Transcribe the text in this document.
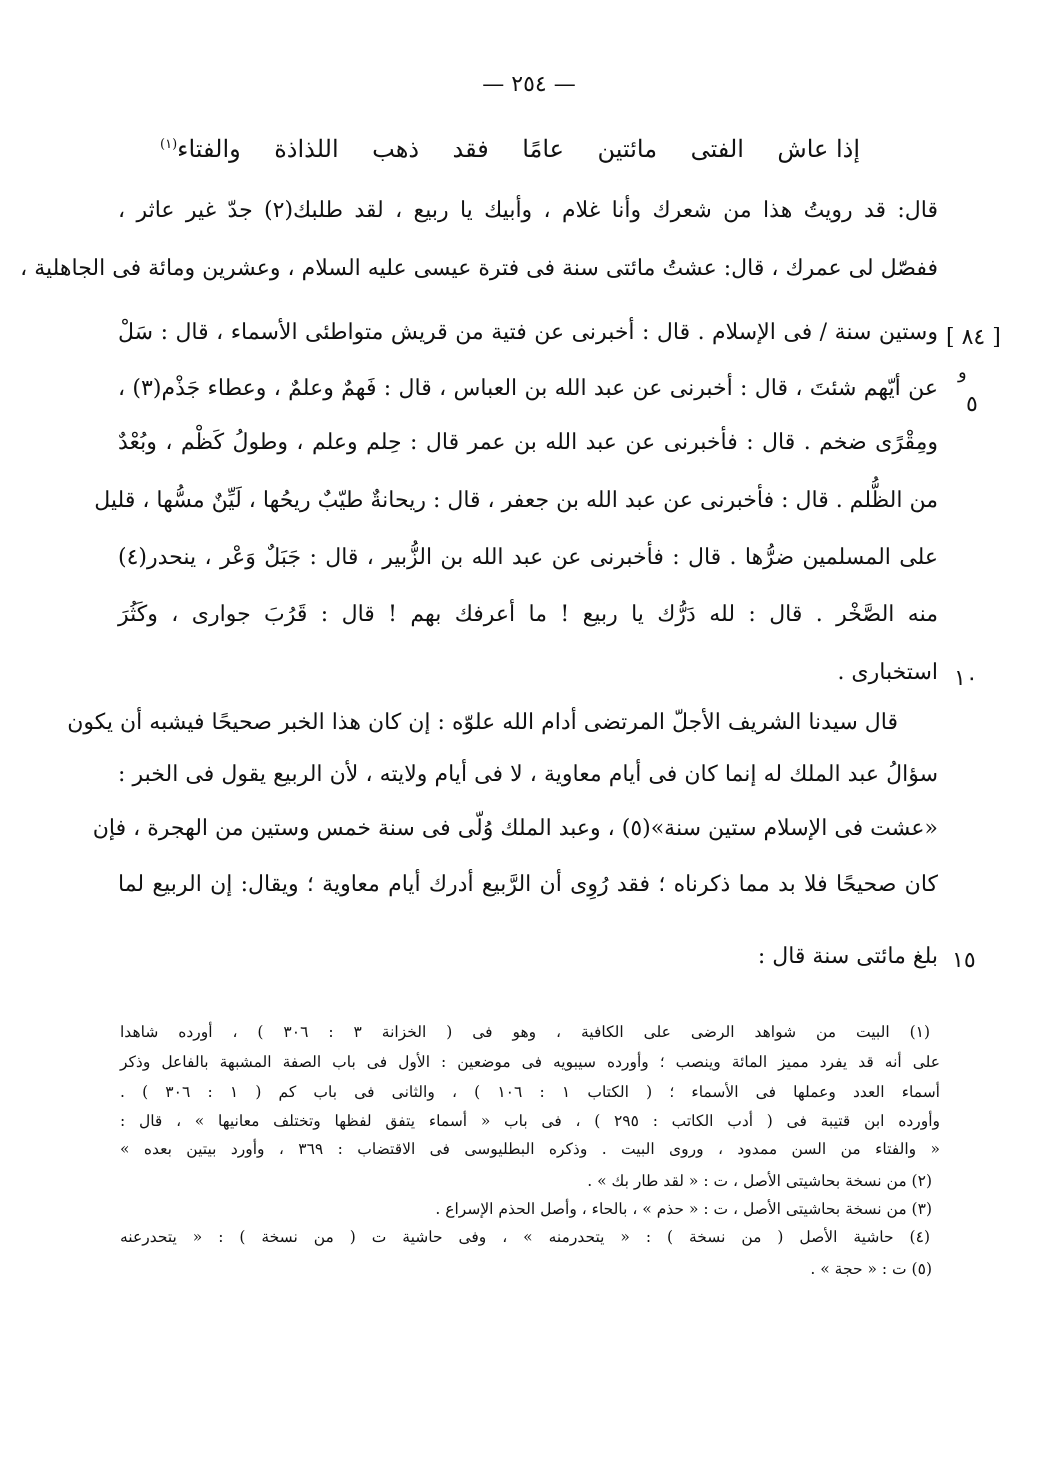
— ٢٥٤ —
إذا عاش
الفتى
مائتين
عامًا
فقد
ذهب
اللذاذة
والفتاء$^{(١)}$
قال: قد رويتُ هذا من شعرك وأنا غلام ، وأبيك يا ربيع ، لقد طلبك(٢) جدّ غير عاثر ،
ففصّل لى عمرك ، قال: عشتُ مائتى سنة فى فترة عيسى عليه السلام ، وعشرين ومائة فى الجاهلية ،
وستين سنة / فى الإسلام . قال : أخبرنى عن فتية من قريش متواطئى الأسماء ، قال : سَلْ
عن أيّهم شئتَ ، قال : أخبرنى عن عبد الله بن العباس ، قال : فَهمٌ وعلمٌ ، وعطاء جَذْم(٣) ،
ومِقْرًى ضخم . قال : فأخبرنى عن عبد الله بن عمر قال : حِلم وعلم ، وطولُ كَظْم ، وبُعْدٌ
من الظُّلم . قال : فأخبرنى عن عبد الله بن جعفر ، قال : ريحانةٌ طيّبٌ ريحُها ، لَيِّنٌ مسُّها ، قليل
على المسلمين ضرُّها . قال : فأخبرنى عن عبد الله بن الزُّبير ، قال : جَبَلٌ وَعْر ، ينحدر(٤)
منه الصَّخْر . قال : لله دَرُّك يا ربيع ! ما أعرفك بهم ! قال : قَرُبَ جوارى ، وكَثُرَ
استخبارى .
قال سيدنا الشريف الأجلّ المرتضى أدام الله علوّه : إن كان هذا الخبر صحيحًا فيشبه أن يكون
سؤالُ عبد الملك له إنما كان فى أيام معاوية ، لا فى أيام ولايته ، لأن الربيع يقول فى الخبر :
«عشت فى الإسلام ستين سنة»(٥) ، وعبد الملك وُلّى فى سنة خمس وستين من الهجرة ، فإن
كان صحيحًا فلا بد مما ذكرناه ؛ فقد رُوِى أن الرَّبيع أدرك أيام معاوية ؛ ويقال: إن الربيع لما
بلغ مائتى سنة قال :
[ ٨٤ ]
و
٥
١٠
١٥
(١) البيت من شواهد الرضى على الكافية ، وهو فى ( الخزانة ٣ : ٣٠٦ ) ، أورده شاهدا
على أنه قد يفرد مميز المائة وينصب ؛ وأورده سيبويه فى موضعين : الأول فى باب الصفة المشبهة بالفاعل وذكر
أسماء العدد وعملها فى الأسماء ؛ ( الكتاب ١ : ١٠٦ ) ، والثانى فى باب كم ( ١ : ٣٠٦ ) .
وأورده ابن قتيبة فى ( أدب الكاتب : ٢٩٥ ) ، فى باب « أسماء يتفق لفظها وتختلف معانيها » ، قال :
« والفتاء من السن ممدود ، وروى البيت . وذكره البطليوسى فى الاقتضاب : ٣٦٩ ، وأورد بيتين بعده »
(٢) من نسخة بحاشيتى الأصل ، ت : « لقد طار بك » .
(٣) من نسخة بحاشيتى الأصل ، ت : « حذم » ، بالحاء ، وأصل الحذم الإسراع .
(٤) حاشية الأصل ( من نسخة ) : « يتحدرمنه » ، وفى حاشية ت ( من نسخة ) : « يتحدرعنه
(٥) ت : « حجة » .
